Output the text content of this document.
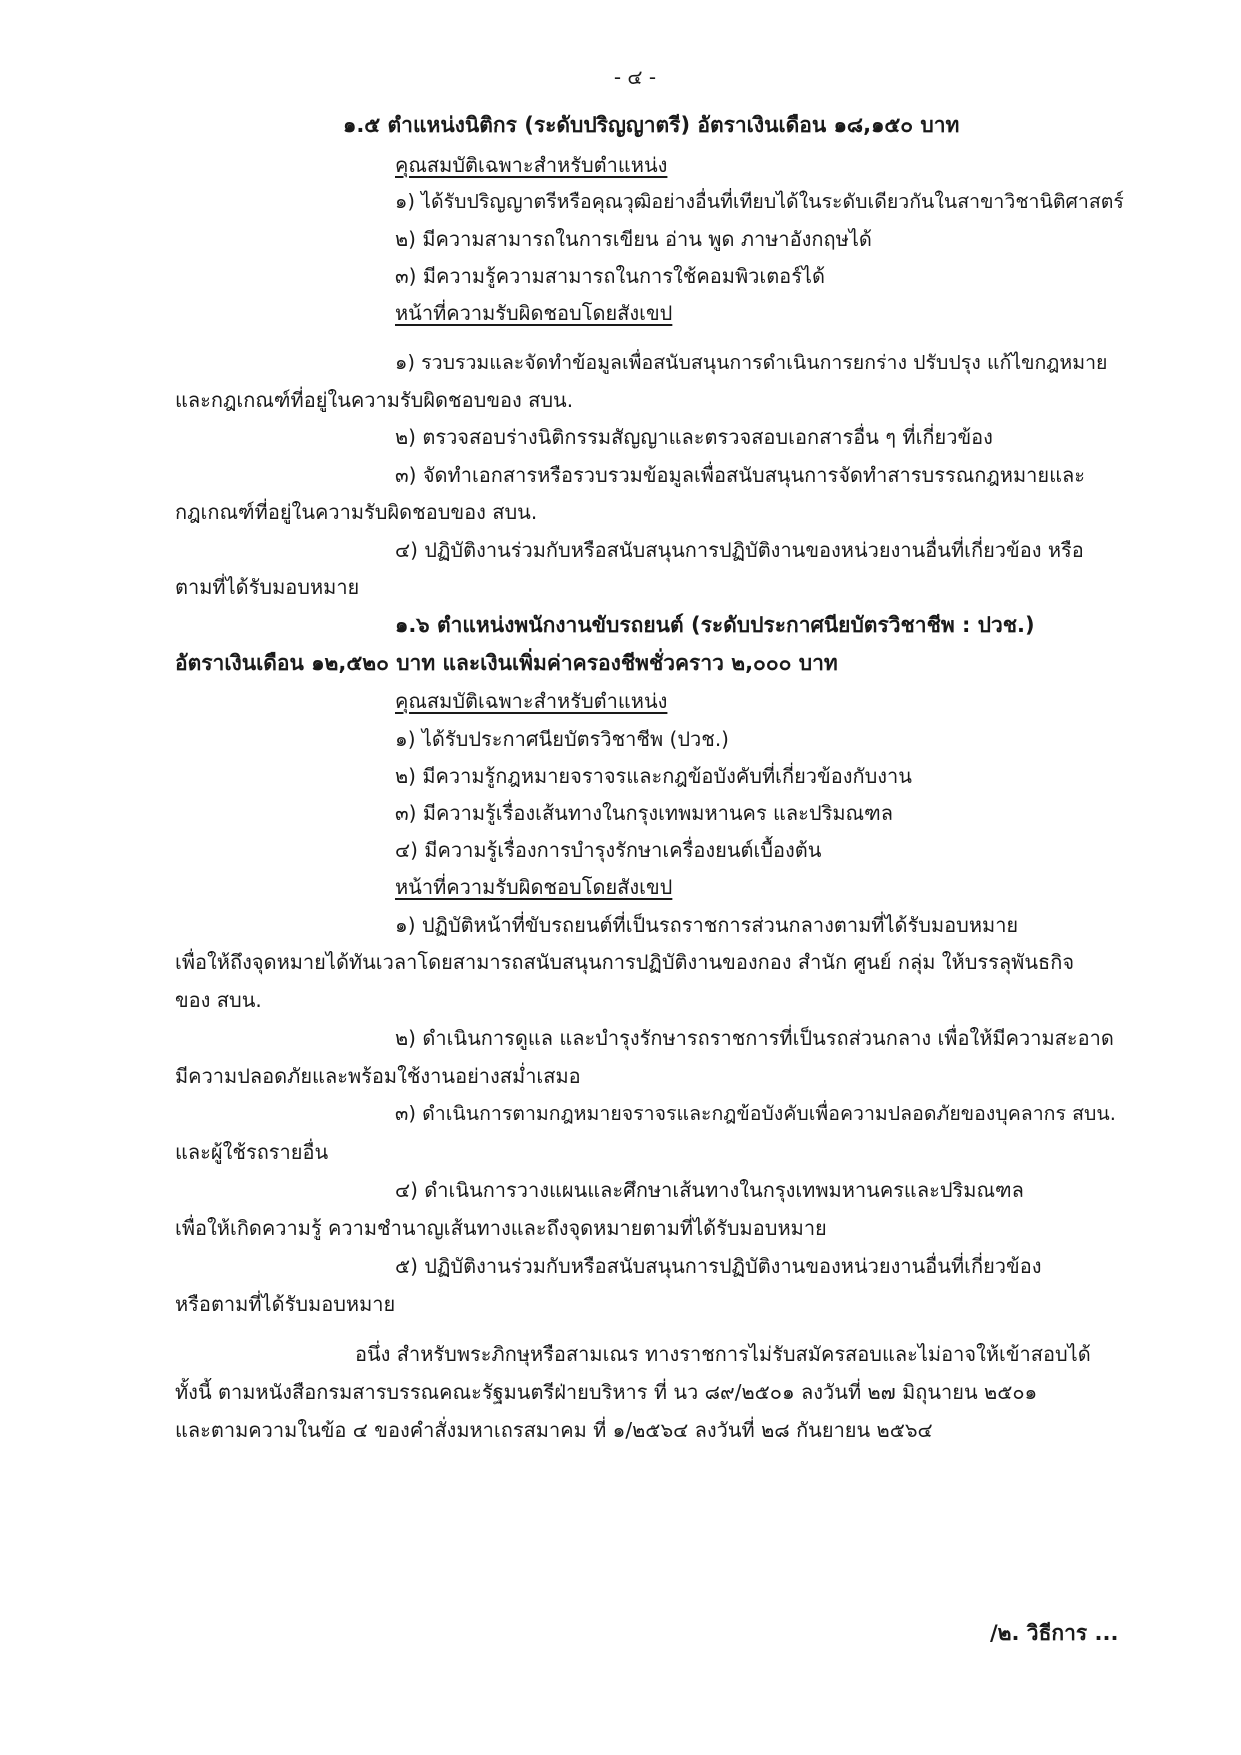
- ๔ -
๑.๕ ตำแหน่งนิติกร (ระดับปริญญาตรี) อัตราเงินเดือน ๑๘,๑๕๐ บาท
คุณสมบัติเฉพาะสำหรับตำแหน่ง
๑) ได้รับปริญญาตรีหรือคุณวุฒิอย่างอื่นที่เทียบได้ในระดับเดียวกันในสาขาวิชานิติศาสตร์
๒) มีความสามารถในการเขียน อ่าน พูด ภาษาอังกฤษได้
๓) มีความรู้ความสามารถในการใช้คอมพิวเตอร์ได้
หน้าที่ความรับผิดชอบโดยสังเขป
๑) รวบรวมและจัดทำข้อมูลเพื่อสนับสนุนการดำเนินการยกร่าง ปรับปรุง แก้ไขกฎหมาย
และกฎเกณฑ์ที่อยู่ในความรับผิดชอบของ สบน.
๒) ตรวจสอบร่างนิติกรรมสัญญาและตรวจสอบเอกสารอื่น ๆ ที่เกี่ยวข้อง
๓) จัดทำเอกสารหรือรวบรวมข้อมูลเพื่อสนับสนุนการจัดทำสารบรรณกฎหมายและ
กฎเกณฑ์ที่อยู่ในความรับผิดชอบของ สบน.
๔) ปฏิบัติงานร่วมกับหรือสนับสนุนการปฏิบัติงานของหน่วยงานอื่นที่เกี่ยวข้อง หรือ
ตามที่ได้รับมอบหมาย
๑.๖ ตำแหน่งพนักงานขับรถยนต์ (ระดับประกาศนียบัตรวิชาชีพ : ปวช.)
อัตราเงินเดือน ๑๒,๕๒๐ บาท และเงินเพิ่มค่าครองชีพชั่วคราว ๒,๐๐๐ บาท
คุณสมบัติเฉพาะสำหรับตำแหน่ง
๑) ได้รับประกาศนียบัตรวิชาชีพ (ปวช.)
๒) มีความรู้กฎหมายจราจรและกฎข้อบังคับที่เกี่ยวข้องกับงาน
๓) มีความรู้เรื่องเส้นทางในกรุงเทพมหานคร และปริมณฑล
๔) มีความรู้เรื่องการบำรุงรักษาเครื่องยนต์เบื้องต้น
หน้าที่ความรับผิดชอบโดยสังเขป
๑) ปฏิบัติหน้าที่ขับรถยนต์ที่เป็นรถราชการส่วนกลางตามที่ได้รับมอบหมาย
เพื่อให้ถึงจุดหมายได้ทันเวลาโดยสามารถสนับสนุนการปฏิบัติงานของกอง สำนัก ศูนย์ กลุ่ม ให้บรรลุพันธกิจ
ของ สบน.
๒) ดำเนินการดูแล และบำรุงรักษารถราชการที่เป็นรถส่วนกลาง เพื่อให้มีความสะอาด
มีความปลอดภัยและพร้อมใช้งานอย่างสม่ำเสมอ
๓) ดำเนินการตามกฎหมายจราจรและกฎข้อบังคับเพื่อความปลอดภัยของบุคลากร สบน.
และผู้ใช้รถรายอื่น
๔) ดำเนินการวางแผนและศึกษาเส้นทางในกรุงเทพมหานครและปริมณฑล
เพื่อให้เกิดความรู้ ความชำนาญเส้นทางและถึงจุดหมายตามที่ได้รับมอบหมาย
๕) ปฏิบัติงานร่วมกับหรือสนับสนุนการปฏิบัติงานของหน่วยงานอื่นที่เกี่ยวข้อง
หรือตามที่ได้รับมอบหมาย
อนึ่ง สำหรับพระภิกษุหรือสามเณร ทางราชการไม่รับสมัครสอบและไม่อาจให้เข้าสอบได้
ทั้งนี้ ตามหนังสือกรมสารบรรณคณะรัฐมนตรีฝ่ายบริหาร ที่ นว ๘๙/๒๕๐๑ ลงวันที่ ๒๗ มิถุนายน ๒๕๐๑
และตามความในข้อ ๔ ของคำสั่งมหาเถรสมาคม ที่ ๑/๒๕๖๔ ลงวันที่ ๒๘ กันยายน ๒๕๖๔
/๒. วิธีการ ...
